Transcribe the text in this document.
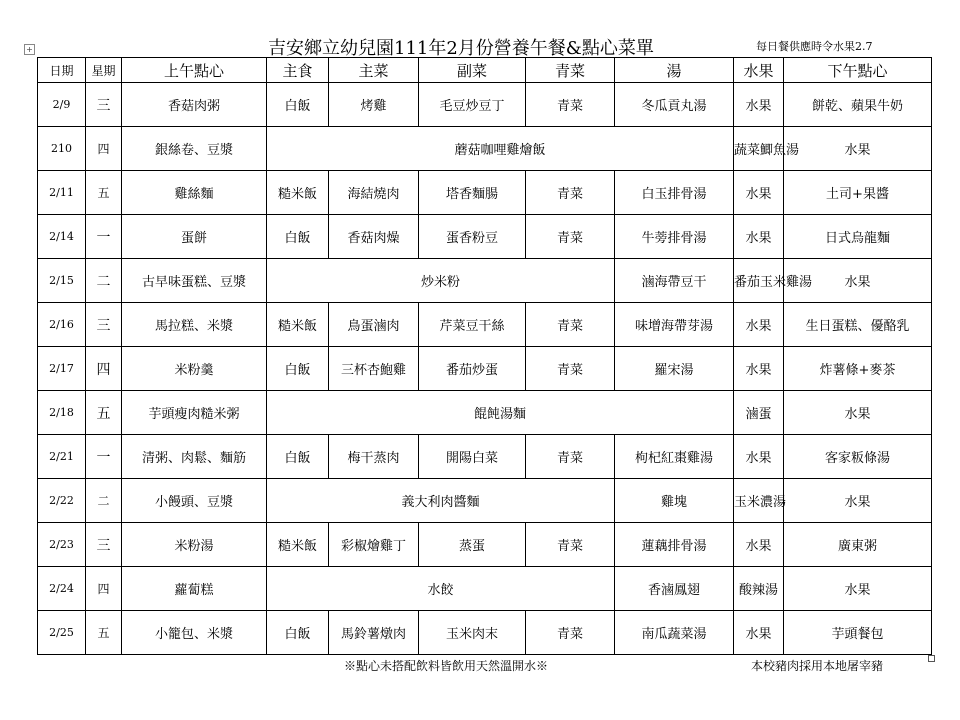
+	吉安鄉立幼兒園111年2月份營養午餐&點心菜單	每日餐供應時令水果2.7
日期	星期	上午點心	主食	主菜	副菜	青菜	湯	水果	下午點心	
2/9	三	香菇肉粥	白飯	烤雞	毛豆炒豆丁	青菜	冬瓜貢丸湯	水果	餅乾、蘋果牛奶	
210	四	銀絲卷、豆漿	蘑菇咖哩雞燴飯					蔬菜鯽魚湯	水果	
2/11	五	雞絲麵	糙米飯	海結燒肉	塔香麵腸	青菜	白玉排骨湯	水果	土司+果醬	
2/14	一	蛋餅	白飯	香菇肉燥	蛋香粉豆	青菜	牛蒡排骨湯	水果	日式烏龍麵	
2/15	二	古早味蛋糕、豆漿	炒米粉				滷海帶豆干	番茄玉米雞湯	水果	
2/16	三	馬拉糕、米漿	糙米飯	鳥蛋滷肉	芹菜豆干絲	青菜	味增海帶芽湯	水果	生日蛋糕、優酪乳	
2/17	四	米粉羹	白飯	三杯杏鮑雞	番茄炒蛋	青菜	羅宋湯	水果	炸薯條+麥茶	
2/18	五	芋頭瘦肉糙米粥	餛飩湯麵					滷蛋	水果	
2/21	一	清粥、肉鬆、麵筋	白飯	梅干蒸肉	開陽白菜	青菜	枸杞紅棗雞湯	水果	客家粄條湯	
2/22	二	小饅頭、豆漿	義大利肉醬麵				雞塊	玉米濃湯	水果	
2/23	三	米粉湯	糙米飯	彩椒燴雞丁	蒸蛋	青菜	蓮藕排骨湯	水果	廣東粥	
2/24	四	蘿蔔糕	水餃				香滷鳳翅	酸辣湯	水果	
2/25	五	小籠包、米漿	白飯	馬鈴薯燉肉	玉米肉末	青菜	南瓜蔬菜湯	水果	芋頭餐包	
※點心未搭配飲料皆飲用天然溫開水※	本校豬肉採用本地屠宰豬
